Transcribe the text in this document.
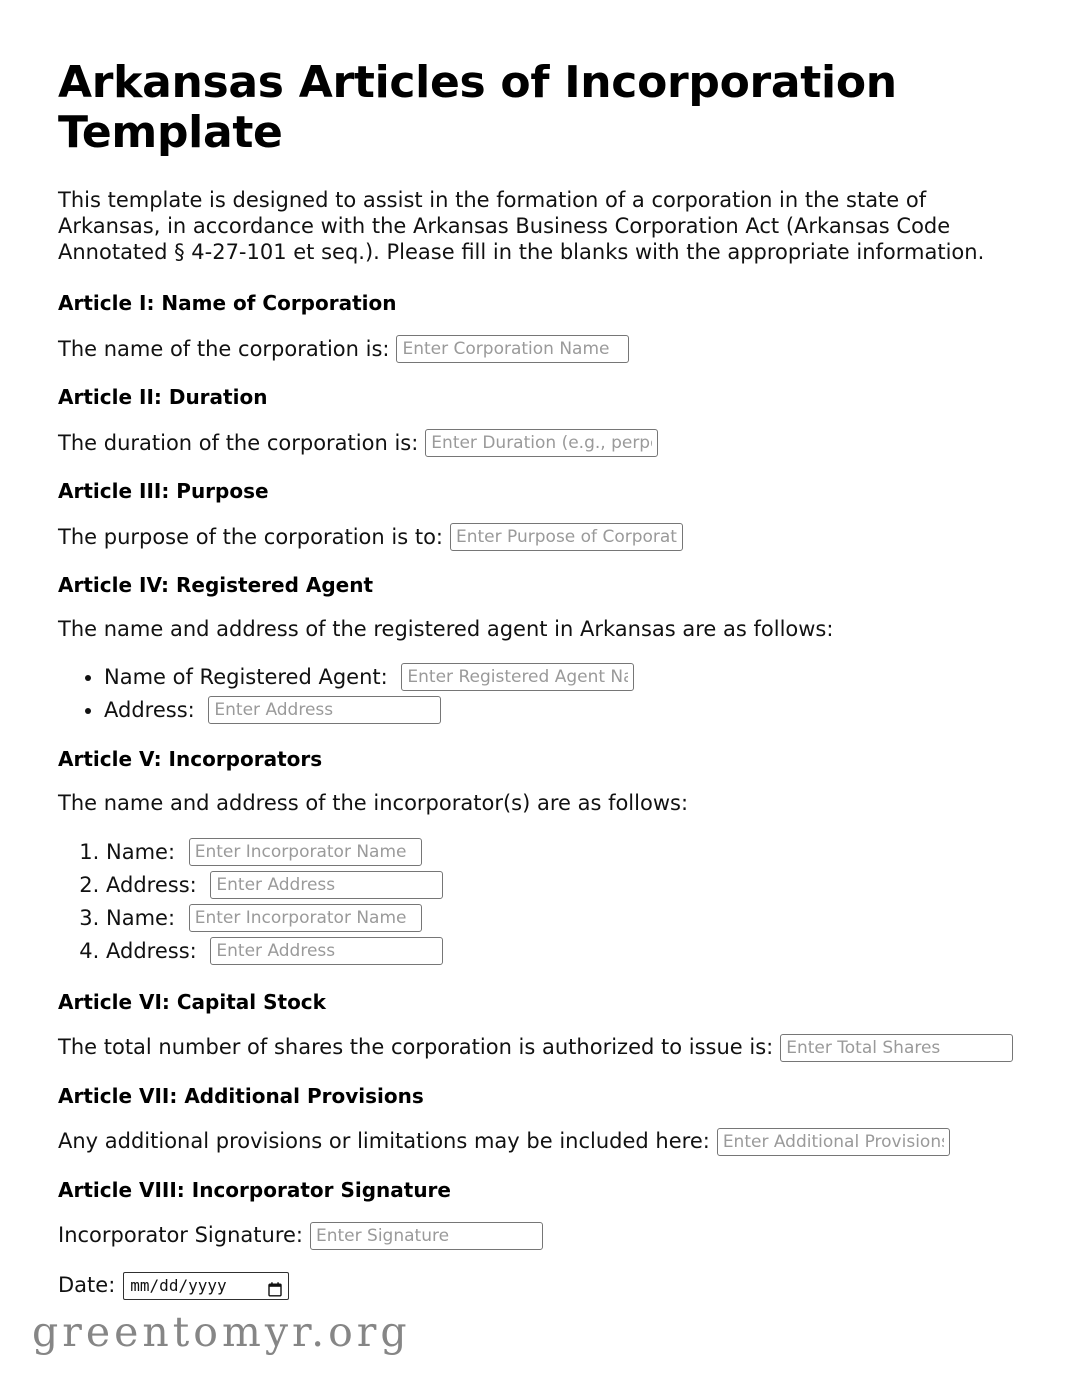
Arkansas Articles of Incorporation Template

This template is designed to assist in the formation of a corporation in the state of Arkansas, in accordance with the Arkansas Business Corporation Act (Arkansas Code Annotated § 4-27-101 et seq.). Please fill in the blanks with the appropriate information.

Article I: Name of Corporation

The name of the corporation is:
Enter Corporation Name

Article II: Duration

The duration of the corporation is:
Enter Duration (e.g., perpetual)

Article III: Purpose

The purpose of the corporation is to:
Enter Purpose of Corporation

Article IV: Registered Agent

The name and address of the registered agent in Arkansas are as follows:

• Name of Registered Agent: Enter Registered Agent Name
• Address: Enter Address
Article V: Incorporators

The name and address of the incorporator(s) are as follows:

1. Name: Enter Incorporator Name
2. Address: Enter Address
3. Name: Enter Incorporator Name
4. Address: Enter Address
Article VI: Capital Stock

The total number of shares the corporation is authorized to issue is:
Enter Total Shares

Article VII: Additional Provisions

Any additional provisions or limitations may be included here:
Enter Additional Provisions

Article VIII: Incorporator Signature

Incorporator Signature:
Enter Signature

Date: mm/dd/yyyy

greentomyr.org
